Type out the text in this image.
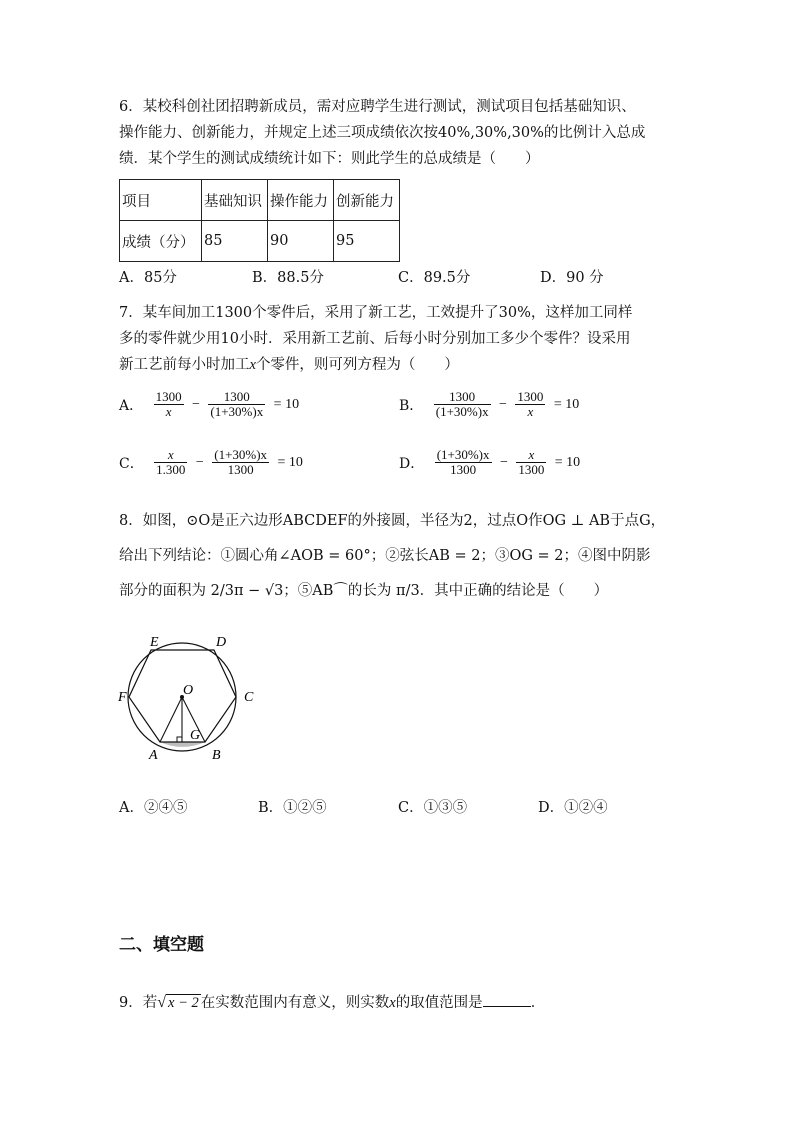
6．某校科创社团招聘新成员，需对应聘学生进行测试，测试项目包括基础知识、
操作能力、创新能力，并规定上述三项成绩依次按40%,30%,30%的比例计入总成
绩．某个学生的测试成绩统计如下：则此学生的总成绩是（　　）
项目	基础知识	操作能力	创新能力
成绩（分）	85	90	95
A．85分	B．88.5分	C．89.5分	D．90 分
7．某车间加工1300个零件后，采用了新工艺，工效提升了30%，这样加工同样
多的零件就少用10小时．采用新工艺前、后每小时分别加工多少个零件？设采用
新工艺前每小时加工x个零件，则可列方程为（　　）
A． $\frac{1300}{x} - \frac{1300}{(1+30\%)x} = 10$	B． $\frac{1300}{(1+30\%)x} - \frac{1300}{x} = 10$
C． $\frac{x}{1.300} - \frac{(1+30\%)x}{1300} = 10$	D． $\frac{(1+30\%)x}{1300} - \frac{x}{1300} = 10$
8．如图，⊙O是正六边形ABCDEF的外接圆，半径为2，过点O作OG ⊥ AB于点G，
给出下列结论：①圆心角∠AOB = 60°；②弦长AB = 2；③OG = 2；④图中阴影
部分的面积为 2/3π − √3；⑤AB⌒的长为 π/3．其中正确的结论是（　　）
E	D
F	C
O
G
A	B
A．②④⑤	B．①②⑤	C．①③⑤	D．①②④
二、填空题
9．若√ x − 2 在实数范围内有意义，则实数x的取值范围是	．
